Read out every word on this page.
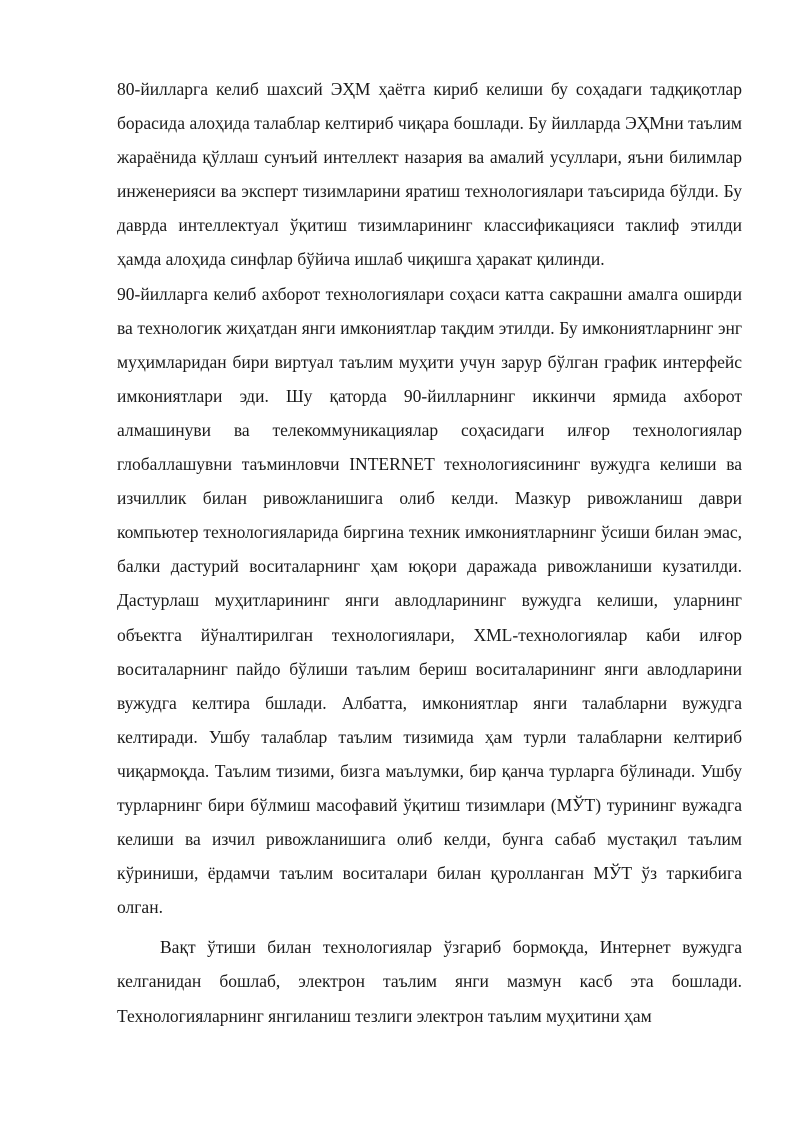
80-йилларга келиб шахсий ЭҲМ ҳаётга кириб келиши бу соҳадаги тадқиқотлар борасида алоҳида талаблар келтириб чиқара бошлади. Бу йилларда ЭҲМни таълим жараёнида қўллаш сунъий интеллект назария ва амалий усуллари, яъни билимлар инженерияси ва эксперт тизимларини яратиш технологиялари таъсирида бўлди. Бу даврда интеллектуал ўқитиш тизимларининг классификацияси таклиф этилди ҳамда алоҳида синфлар бўйича ишлаб чиқишга ҳаракат қилинди.

90-йилларга келиб ахборот технологиялари соҳаси катта сакрашни амалга оширди ва технологик жиҳатдан янги имкониятлар тақдим этилди. Бу имкониятларнинг энг муҳимларидан бири виртуал таълим муҳити учун зарур бўлган график интерфейс имкониятлари эди. Шу қаторда 90-йилларнинг иккинчи ярмида ахборот алмашинуви ва телекоммуникациялар соҳасидаги илғор технологиялар глобаллашувни таъминловчи INTERNET технологиясининг вужудга келиши ва изчиллик билан ривожланишига олиб келди. Мазкур ривожланиш даври компьютер технологияларида биргина техник имкониятларнинг ўсиши билан эмас, балки дастурий воситаларнинг ҳам юқори даражада ривожланиши кузатилди. Дастурлаш муҳитларининг янги авлодларининг вужудга келиши, уларнинг объектга йўналтирилган технологиялари, XML-технологиялар каби илғор воситаларнинг пайдо бўлиши таълим бериш воситаларининг янги авлодларини вужудга келтира бшлади. Албатта, имкониятлар янги талабларни вужудга келтиради. Ушбу талаблар таълим тизимида ҳам турли талабларни келтириб чиқармоқда. Таълим тизими, бизга маълумки, бир қанча турларга бўлинади. Ушбу турларнинг бири бўлмиш масофавий ўқитиш тизимлари (МЎТ) турининг вужадга келиши ва изчил ривожланишига олиб келди, бунга сабаб мустақил таълим кўриниши, ёрдамчи таълим воситалари билан қуролланган МЎТ ўз таркибига олган.

Вақт ўтиши билан технологиялар ўзгариб бормоқда, Интернет вужудга келганидан бошлаб, электрон таълим янги мазмун касб эта бошлади. Технологияларнинг янгиланиш тезлиги электрон таълим муҳитини ҳам
